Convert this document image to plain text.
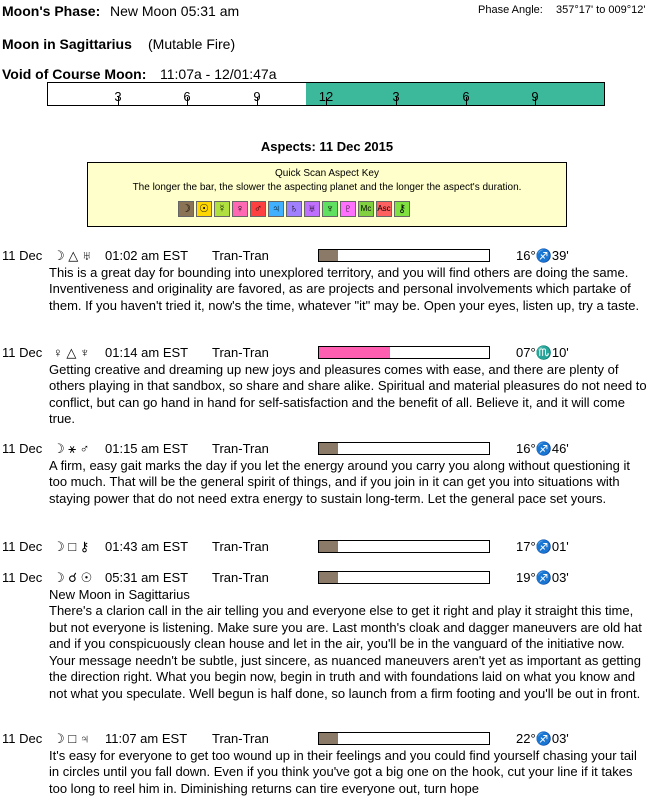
Moon's Phase: New Moon 05:31 am	Phase Angle: 357°17' to 009°12'
Moon in Sagittarius (Mutable Fire)
Void of Course Moon: 11:07a - 12/01:47a
3	6	9	12	3	6	9
Aspects: 11 Dec 2015
Quick Scan Aspect Key
The longer the bar, the slower the aspecting planet and the longer the aspect's duration.
☽ ☉ ☿ ♀ ♂ ♃ ♄ ♅ ♆ ♇	Mc Asc ⚷
11 Dec ☽ △ ♅ 01:02 am EST Tran-Tran	16°♐39'
This is a great day for bounding into unexplored territory, and you will find others are doing the same. Inventiveness and originality are favored, as are projects and personal involvements which partake of them. If you haven't tried it, now's the time, whatever "it" may be. Open your eyes, listen up, try a taste.
11 Dec ♀ △ ♆ 01:14 am EST Tran-Tran	07°♏10'
Getting creative and dreaming up new joys and pleasures comes with ease, and there are plenty of others playing in that sandbox, so share and share alike. Spiritual and material pleasures do not need to conflict, but can go hand in hand for self-satisfaction and the benefit of all. Believe it, and it will come true.
11 Dec ☽ ⚹ ♂ 01:15 am EST Tran-Tran	16°♐46'
A firm, easy gait marks the day if you let the energy around you carry you along without questioning it too much. That will be the general spirit of things, and if you join in it can get you into situations with staying power that do not need extra energy to sustain long-term. Let the general pace set yours.
11 Dec ☽ □ ⚷ 01:43 am EST Tran-Tran	17°♐01'
11 Dec ☽ ☌ ☉ 05:31 am EST Tran-Tran	19°♐03'
New Moon in Sagittarius
There's a clarion call in the air telling you and everyone else to get it right and play it straight this time, but not everyone is listening. Make sure you are. Last month's cloak and dagger maneuvers are old hat and if you conspicuously clean house and let in the air, you'll be in the vanguard of the initiative now. Your message needn't be subtle, just sincere, as nuanced maneuvers aren't yet as important as getting the direction right. What you begin now, begin in truth and with foundations laid on what you know and not what you speculate. Well begun is half done, so launch from a firm footing and you'll be out in front.
11 Dec ☽ □ ♃ 11:07 am EST Tran-Tran	22°♐03'
It's easy for everyone to get too wound up in their feelings and you could find yourself chasing your tail in circles until you fall down. Even if you think you've got a big one on the hook, cut your line if it takes too long to reel him in. Diminishing returns can tire everyone out, turn hope
